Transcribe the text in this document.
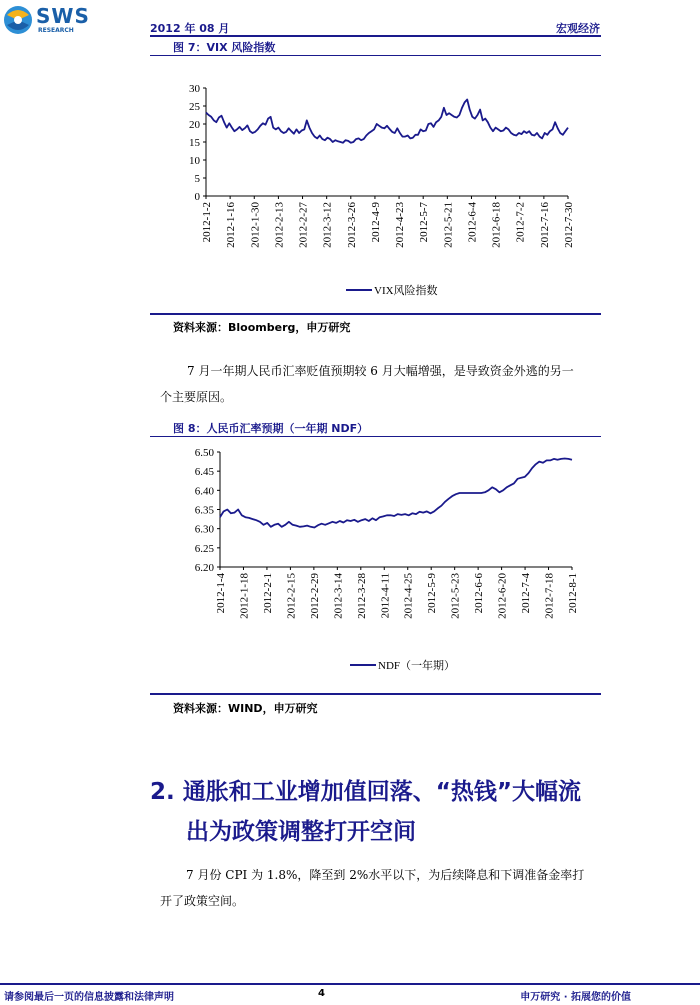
SWS
RESEARCH	2012 年 08 月	宏观经济
图 7：VIX 风险指数
0
5
10
15
20
25
30
2012-1-2 2012-1-16 2012-1-30 2012-2-13 2012-2-27 2012-3-12 2012-3-26 2012-4-9 2012-4-23 2012-5-7 2012-5-21 2012-6-4 2012-6-18 2012-7-2 2012-7-16 2012-7-30
VIX风险指数
资料来源：Bloomberg，申万研究
7 月一年期人民币汇率贬值预期较 6 月大幅增强，是导致资金外逃的另一
个主要原因。
图 8：人民币汇率预期（一年期 NDF）
6.20
6.25
6.30
6.35
6.40
6.45
6.50
2012-1-4 2012-1-18 2012-2-1 2012-2-15 2012-2-29 2012-3-14 2012-3-28 2012-4-11 2012-4-25 2012-5-9 2012-5-23 2012-6-6 2012-6-20 2012-7-4 2012-7-18 2012-8-1
NDF（一年期）
资料来源：WIND，申万研究
2. 通胀和工业增加值回落、“热钱”大幅流
出为政策调整打开空间
7 月份 CPI 为 1.8%，降至到 2%水平以下，为后续降息和下调准备金率打
开了政策空间。
请参阅最后一页的信息披露和法律声明	4	申万研究 · 拓展您的价值
